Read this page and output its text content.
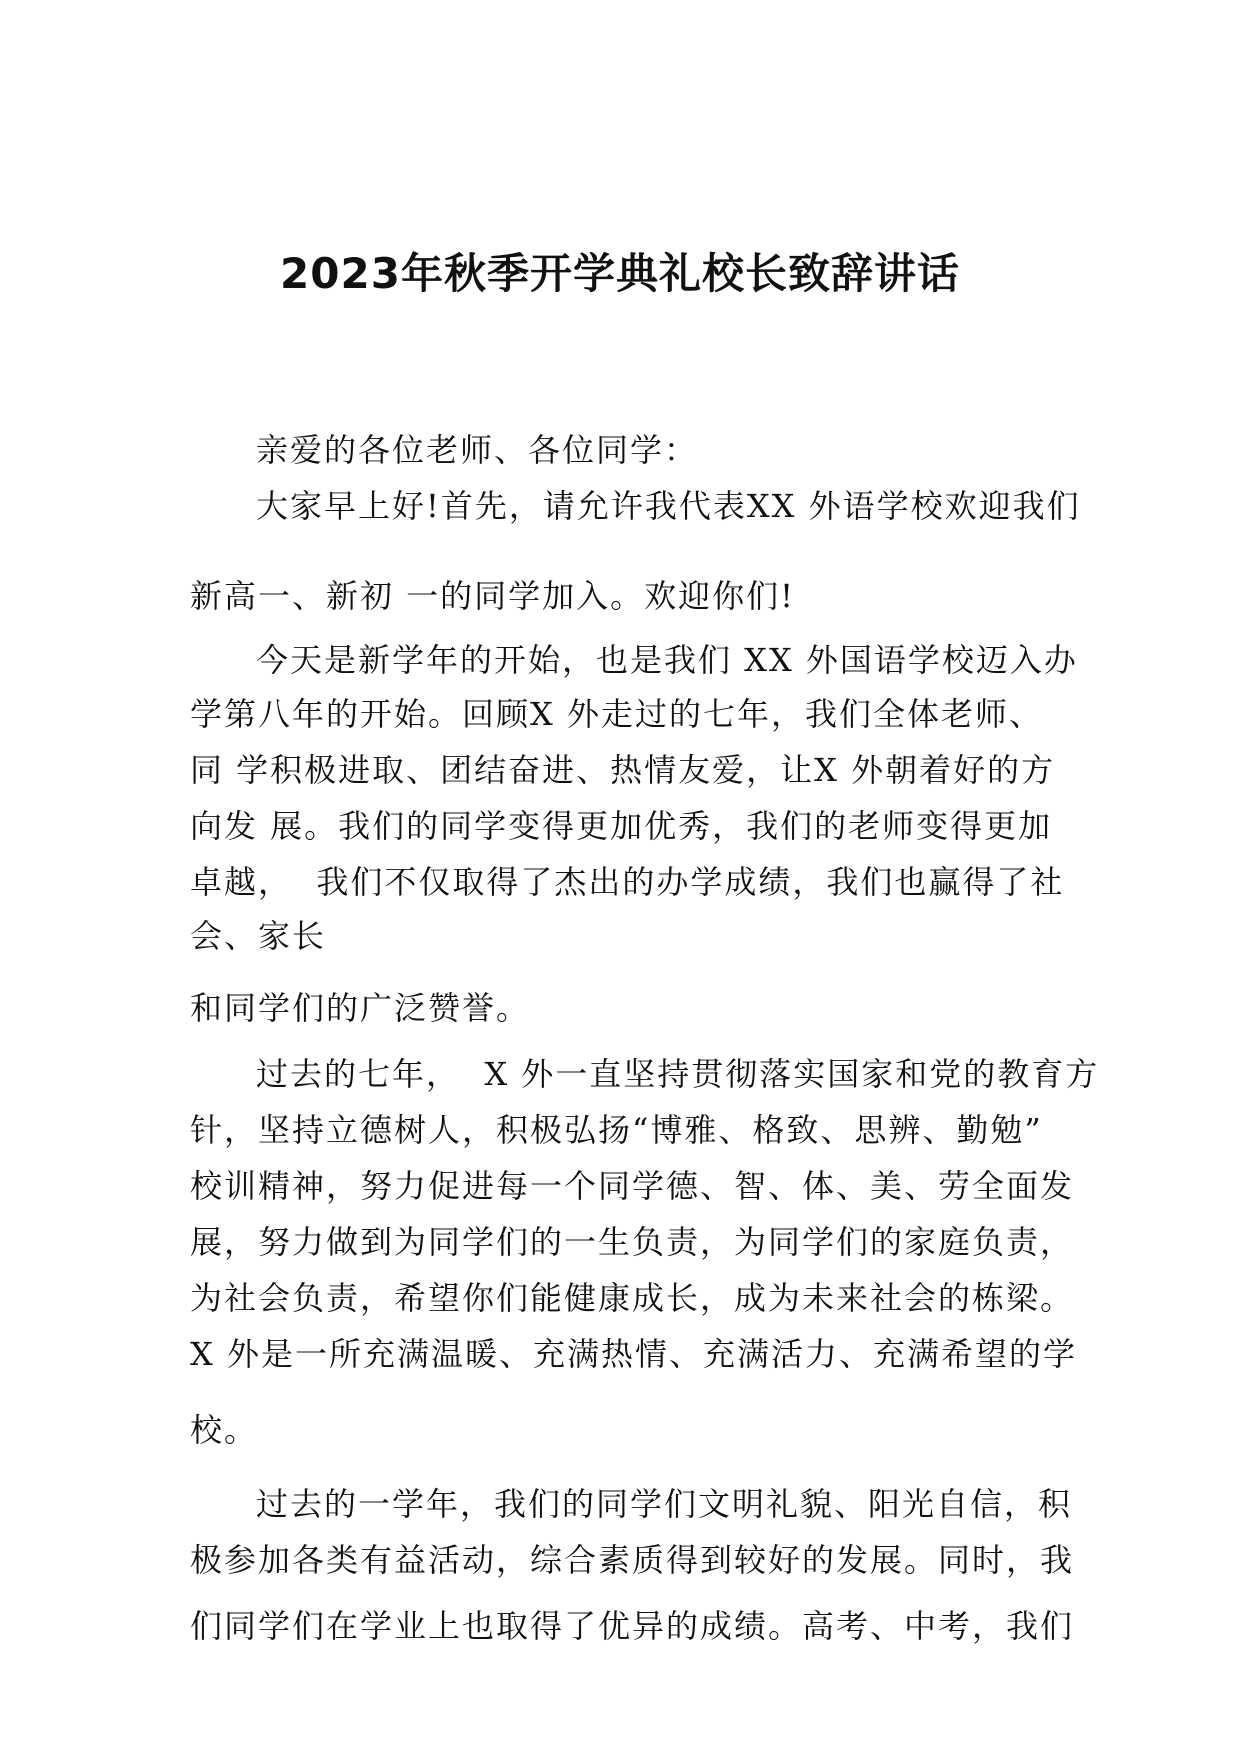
2023年秋季开学典礼校长致辞讲话
亲爱的各位老师、各位同学：
大家早上好!首先，请允许我代表XX 外语学校欢迎我们
新高一、新初 一的同学加入。欢迎你们!
今天是新学年的开始，也是我们 XX 外国语学校迈入办
学第八年的开始。回顾X 外走过的七年，我们全体老师、
同 学积极进取、团结奋进、热情友爱，让X 外朝着好的方
向发 展。我们的同学变得更加优秀，我们的老师变得更加
卓越，  我们不仅取得了杰出的办学成绩，我们也赢得了社
会、家长
和同学们的广泛赞誉。
过去的七年，  X 外一直坚持贯彻落实国家和党的教育方
针，坚持立德树人，积极弘扬“博雅、格致、思辨、勤勉”
校训精神，努力促进每一个同学德、智、体、美、劳全面发
展，努力做到为同学们的一生负责，为同学们的家庭负责，
为社会负责，希望你们能健康成长，成为未来社会的栋梁。
X 外是一所充满温暖、充满热情、充满活力、充满希望的学
校。
过去的一学年，我们的同学们文明礼貌、阳光自信，积
极参加各类有益活动，综合素质得到较好的发展。同时，我
们同学们在学业上也取得了优异的成绩。高考、中考，我们
